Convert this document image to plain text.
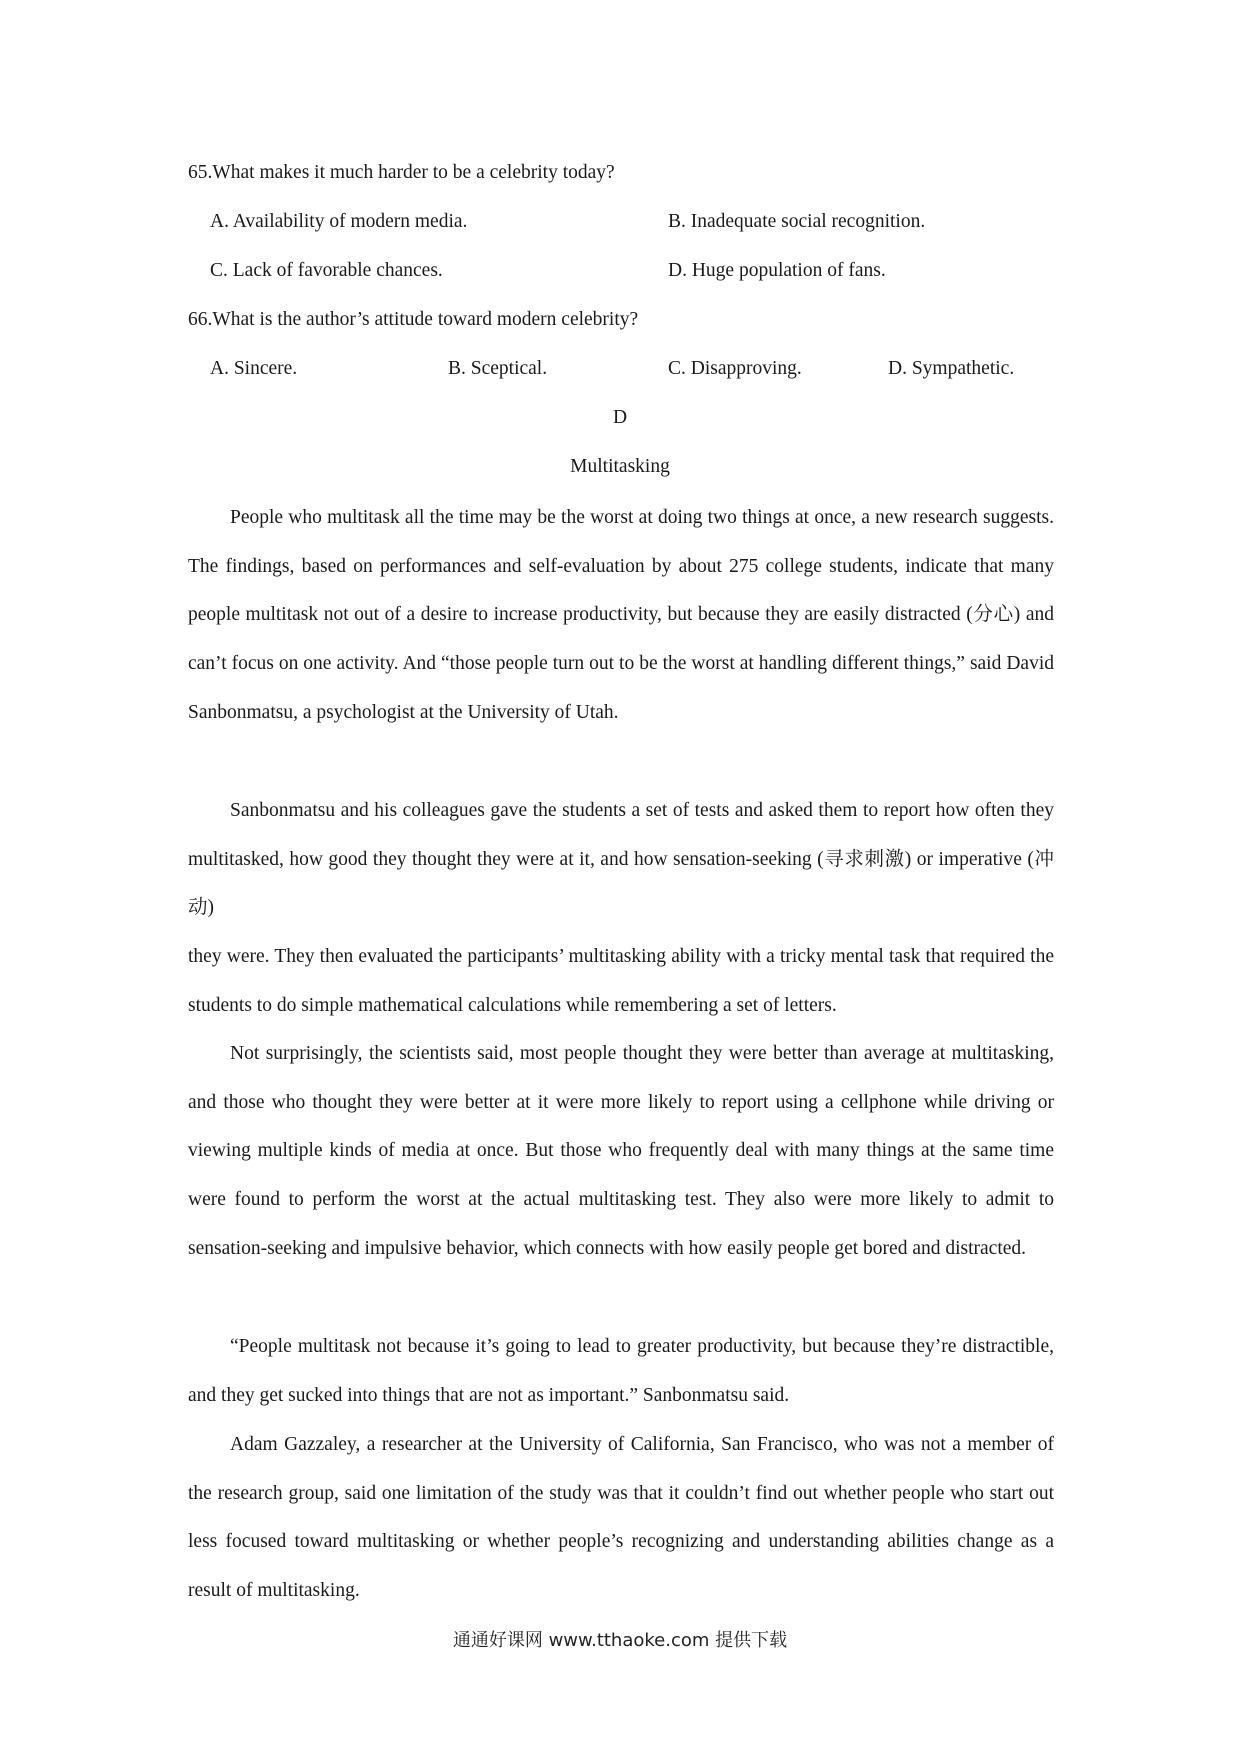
65.What makes it much harder to be a celebrity today?
A. Availability of modern media.	B. Inadequate social recognition.
C. Lack of favorable chances.	D. Huge population of fans.
66.What is the author’s attitude toward modern celebrity?
A. Sincere.	B. Sceptical.	C. Disapproving.	D. Sympathetic.
D
Multitasking
People who multitask all the time may be the worst at doing two things at once, a new research suggests. The findings, based on performances and self-evaluation by about 275 college students, indicate that many people multitask not out of a desire to increase productivity, but because they are easily distracted (分心) and can’t focus on one activity. And “those people turn out to be the worst at handling different things,” said David Sanbonmatsu, a psychologist at the University of Utah.
Sanbonmatsu and his colleagues gave the students a set of tests and asked them to report how often they multitasked, how good they thought they were at it, and how sensation-seeking (寻求刺激) or imperative (冲动)
they were. They then evaluated the participants’ multitasking ability with a tricky mental task that required the students to do simple mathematical calculations while remembering a set of letters.
Not surprisingly, the scientists said, most people thought they were better than average at multitasking, and those who thought they were better at it were more likely to report using a cellphone while driving or viewing multiple kinds of media at once. But those who frequently deal with many things at the same time were found to perform the worst at the actual multitasking test. They also were more likely to admit to sensation-seeking and impulsive behavior, which connects with how easily people get bored and distracted.
“People multitask not because it’s going to lead to greater productivity, but because they’re distractible, and they get sucked into things that are not as important.” Sanbonmatsu said.
Adam Gazzaley, a researcher at the University of California, San Francisco, who was not a member of the research group, said one limitation of the study was that it couldn’t find out whether people who start out less focused toward multitasking or whether people’s recognizing and understanding abilities change as a result of multitasking.
通通好课网 www.tthaoke.com 提供下载
